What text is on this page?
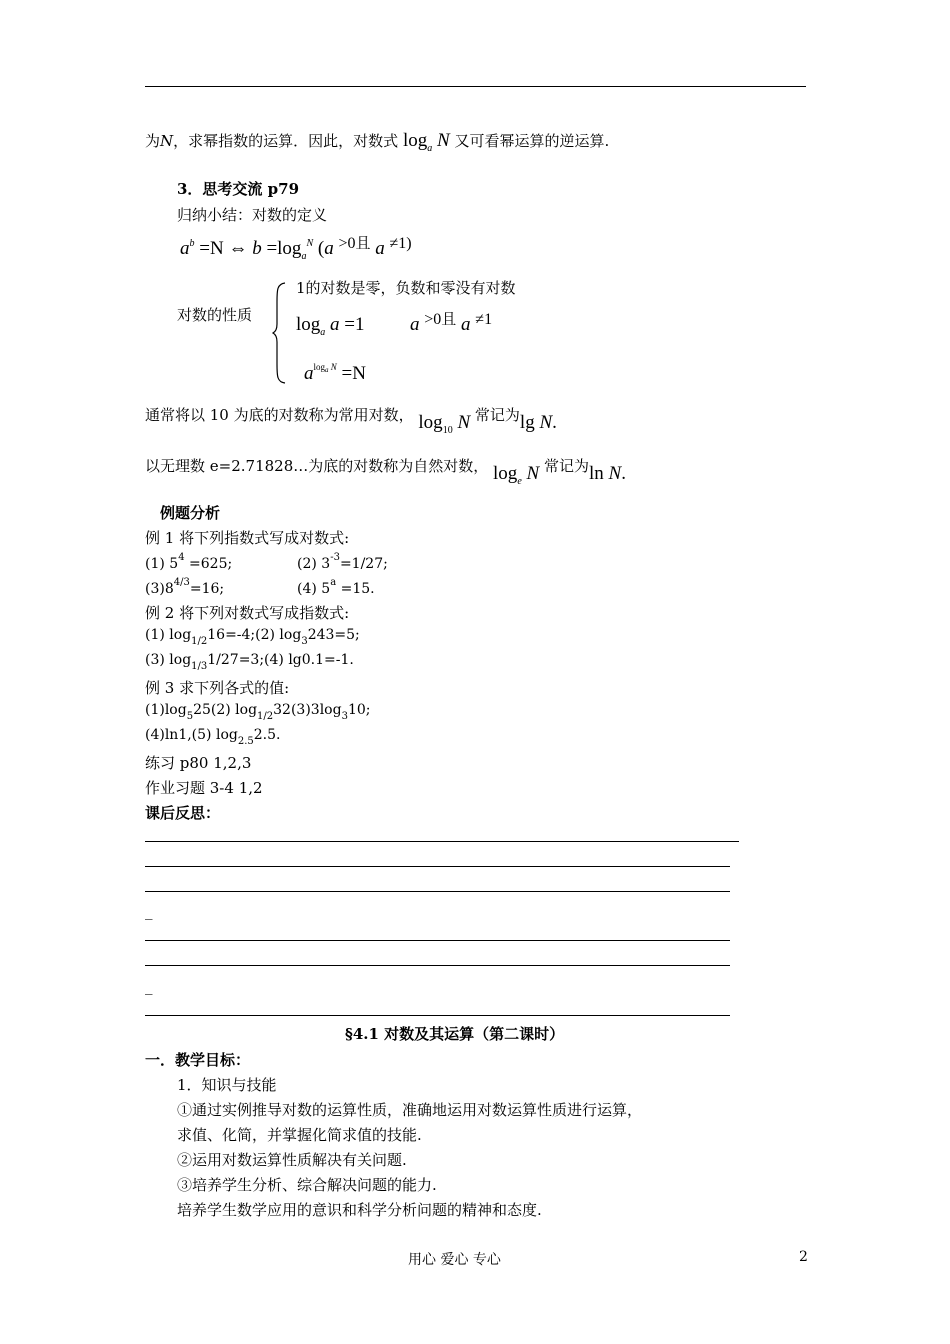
为N，求幂指数的运算．因此，对数式 $\log_a N$ 又可看幂运算的逆运算.
3．思考交流 p79
归纳小结：对数的定义
$a^b =N$ ⇔ $b =\log_a^N$ (a $^{>0且}$ a $^{\ne 1)}$
对数的性质
1的对数是零，负数和零没有对数
$\log_a a =1$ a $^{>0且}$ a $^{\ne 1}$
$a^{log_a N} =N$
通常将以 10 为底的对数称为常用对数， $\log_{10} N$ 常记为lg N.
以无理数 e=2.71828…为底的对数称为自然对数， $\log_e N$ 常记为ln N.
例题分析
例 1 将下列指数式写成对数式:
(1) $5^4 =625$;	(2) $3^{-3}=1/27$;
$(3)8^{4/3}=16$;	(4) $5^a =15$.
例 2 将下列对数式写成指数式:
(1) $\log_{1/2}16=-4;(2)$ $\log_3243=5$;
(3) $\log_{1/3}1/27=3;(4)$ lg0.1=-1.
例 3 求下列各式的值:
$(1)\log_525(2)$ $\log_{1/2}32(3)3\log_310$;
(4)ln1,(5) $\log_{2.5}2.5$.
练习 p80 1,2,3
作业习题 3-4 1,2
课后反思：
_
_
§4.1 对数及其运算（第二课时）
一．教学目标：
1．知识与技能
①通过实例推导对数的运算性质，准确地运用对数运算性质进行运算，
求值、化简，并掌握化简求值的技能.
②运用对数运算性质解决有关问题.
③培养学生分析、综合解决问题的能力.
培养学生数学应用的意识和科学分析问题的精神和态度.
用心 爱心 专心	2
